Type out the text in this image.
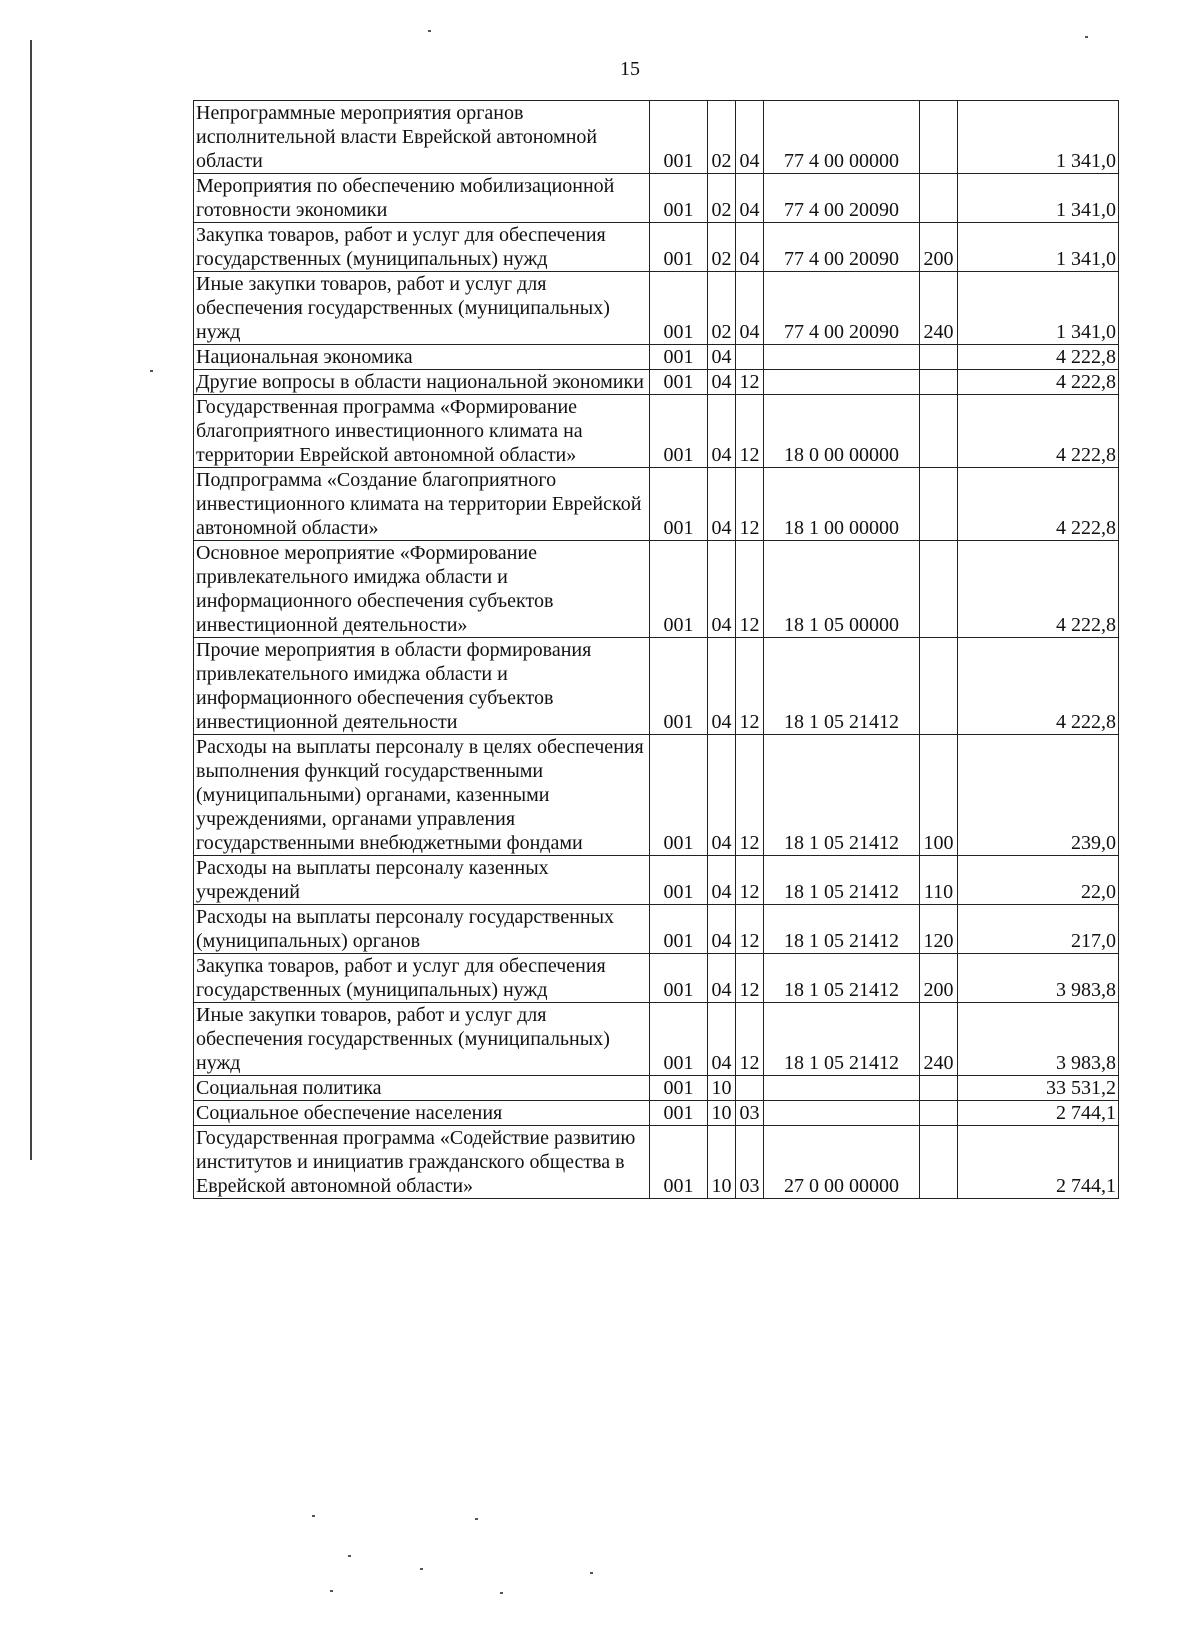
15
Непрограммные мероприятия органов исполнительной власти Еврейской автономной области	001	02	04	77 4 00 00000		1 341,0
Мероприятия по обеспечению мобилизационной готовности экономики	001	02	04	77 4 00 20090		1 341,0
Закупка товаров, работ и услуг для обеспечения государственных (муниципальных) нужд	001	02	04	77 4 00 20090	200	1 341,0
Иные закупки товаров, работ и услуг для обеспечения государственных (муниципальных) нужд	001	02	04	77 4 00 20090	240	1 341,0
Национальная экономика	001	04				4 222,8
Другие вопросы в области национальной экономики	001	04	12			4 222,8
Государственная программа «Формирование благоприятного инвестиционного климата на территории Еврейской автономной области»	001	04	12	18 0 00 00000		4 222,8
Подпрограмма «Создание благоприятного инвестиционного климата на территории Еврейской автономной области»	001	04	12	18 1 00 00000		4 222,8
Основное мероприятие «Формирование привлекательного имиджа области и информационного обеспечения субъектов инвестиционной деятельности»	001	04	12	18 1 05 00000		4 222,8
Прочие мероприятия в области формирования привлекательного имиджа области и информационного обеспечения субъектов инвестиционной деятельности	001	04	12	18 1 05 21412		4 222,8
Расходы на выплаты персоналу в целях обеспечения выполнения функций государственными (муниципальными) органами, казенными учреждениями, органами управления государственными внебюджетными фондами	001	04	12	18 1 05 21412	100	239,0
Расходы на выплаты персоналу казенных учреждений	001	04	12	18 1 05 21412	110	22,0
Расходы на выплаты персоналу государственных (муниципальных) органов	001	04	12	18 1 05 21412	120	217,0
Закупка товаров, работ и услуг для обеспечения государственных (муниципальных) нужд	001	04	12	18 1 05 21412	200	3 983,8
Иные закупки товаров, работ и услуг для обеспечения государственных (муниципальных) нужд	001	04	12	18 1 05 21412	240	3 983,8
Социальная политика	001	10				33 531,2
Социальное обеспечение населения	001	10	03			2 744,1
Государственная программа «Содействие развитию институтов и инициатив гражданского общества в Еврейской автономной области»	001	10	03	27 0 00 00000		2 744,1
